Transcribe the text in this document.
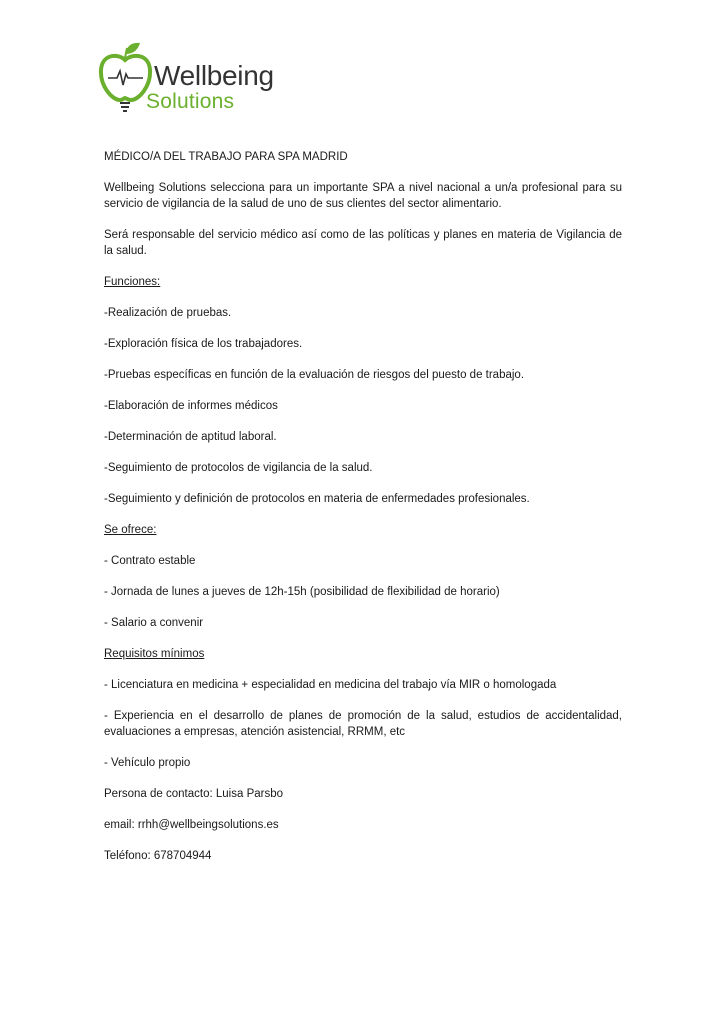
Wellbeing
Solutions

MÉDICO/A DEL TRABAJO PARA SPA MADRID

Wellbeing Solutions selecciona para un importante SPA a nivel nacional a un/a profesional para su servicio de vigilancia de la salud de uno de sus clientes del sector alimentario.

Será responsable del servicio médico así como de las políticas y planes en materia de Vigilancia de la salud.

Funciones:

-Realización de pruebas.

-Exploración física de los trabajadores.

-Pruebas específicas en función de la evaluación de riesgos del puesto de trabajo.

-Elaboración de informes médicos

-Determinación de aptitud laboral.

-Seguimiento de protocolos de vigilancia de la salud.

-Seguimiento y definición de protocolos en materia de enfermedades profesionales.

Se ofrece:

- Contrato estable

- Jornada de lunes a jueves de 12h-15h (posibilidad de flexibilidad de horario)

- Salario a convenir

Requisitos mínimos

- Licenciatura en medicina + especialidad en medicina del trabajo vía MIR o homologada

- Experiencia en el desarrollo de planes de promoción de la salud, estudios de accidentalidad, evaluaciones a empresas, atención asistencial, RRMM, etc

- Vehículo propio

Persona de contacto: Luisa Parsbo

email: rrhh@wellbeingsolutions.es

Teléfono: 678704944
